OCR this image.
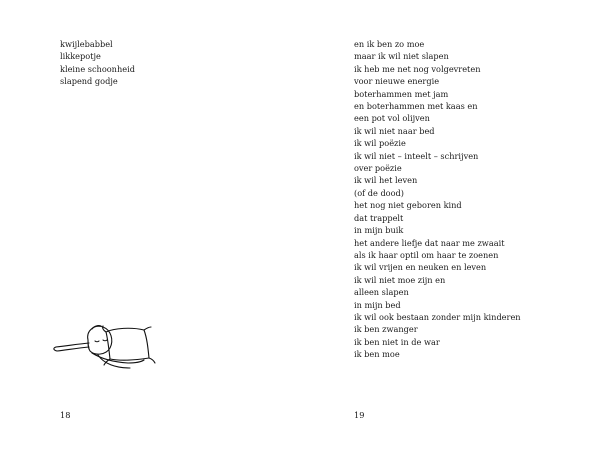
kwijlebabbel
likkepotje
kleine schoonheid
slapend godje
18
en ik ben zo moe
maar ik wil niet slapen
ik heb me net nog volgevreten
voor nieuwe energie
boterhammen met jam
en boterhammen met kaas en
een pot vol olijven
ik wil niet naar bed
ik wil poëzie
ik wil niet – inteelt – schrijven
over poëzie
ik wil het leven
(of de dood)
het nog niet geboren kind
dat trappelt
in mijn buik
het andere liefje dat naar me zwaait
als ik haar optil om haar te zoenen
ik wil vrijen en neuken en leven
ik wil niet moe zijn en
alleen slapen
in mijn bed
ik wil ook bestaan zonder mijn kinderen
ik ben zwanger
ik ben niet in de war
ik ben moe
19
